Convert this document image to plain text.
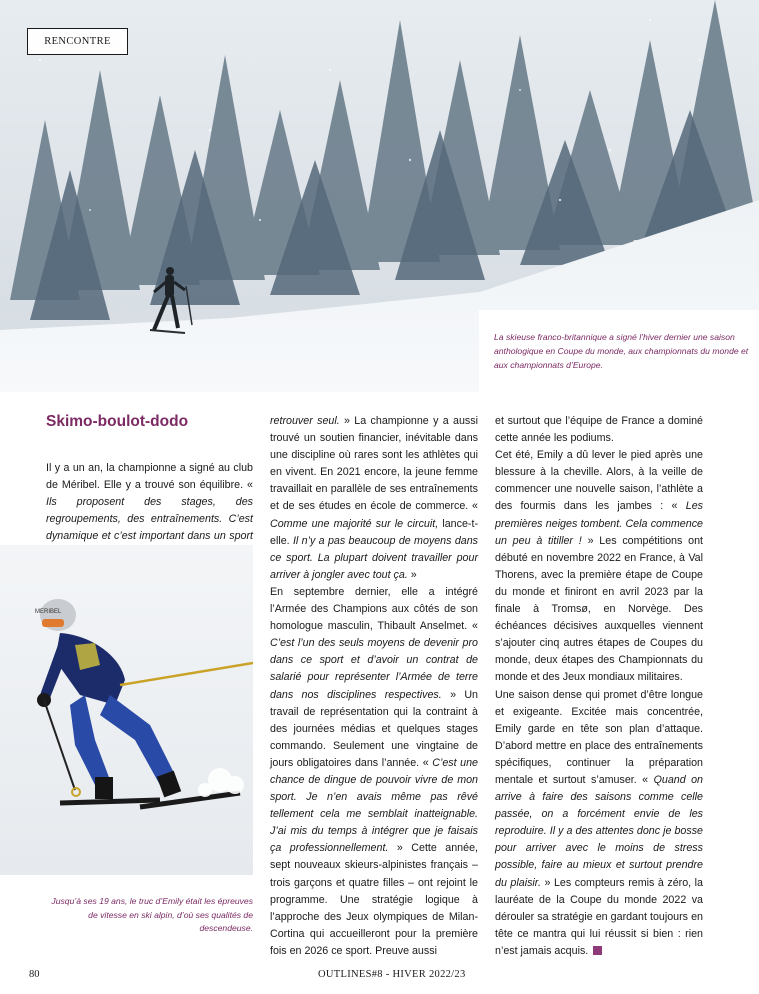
RENCONTRE
La skieuse franco-britannique a signé l’hiver dernier une saison anthologique en Coupe du monde, aux championnats du monde et aux championnats d’Europe.
Skimo-boulot-dodo

Il y a un an, la championne a signé au club de Méribel. Elle y a trouvé son équilibre. « Ils proposent des stages, des regroupements, des entraînements. C’est dynamique et c’est important dans un sport

retrouver seul. » La championne y a aussi trouvé un soutien financier, inévitable dans une discipline où rares sont les athlètes qui en vivent. En 2021 encore, la jeune femme travaillait en parallèle de ses entraînements et de ses études en école de commerce. « Comme une majorité sur le circuit, lance-t-elle. Il n’y a pas beaucoup de moyens dans ce sport. La plupart doivent travailler pour arriver à jongler avec tout ça. »

En septembre dernier, elle a intégré l’Armée des Champions aux côtés de son homologue masculin, Thibault Anselmet. « C’est l’un des seuls moyens de devenir pro dans ce sport et d’avoir un contrat de salarié pour représenter l’Armée de terre dans nos disciplines respectives. » Un travail de représentation qui la contraint à des journées médias et quelques stages commando. Seulement une vingtaine de jours obligatoires dans l’année. « C’est une chance de dingue de pouvoir vivre de mon sport. Je n’en avais même pas rêvé tellement cela me semblait inatteignable. J’ai mis du temps à intégrer que je faisais ça professionnellement. » Cette année, sept nouveaux skieurs-alpinistes français – trois garçons et quatre filles – ont rejoint le programme. Une stratégie logique à l’approche des Jeux olympiques de Milan-Cortina qui accueilleront pour la première fois en 2026 ce sport. Preuve aussi

et surtout que l’équipe de France a dominé cette année les podiums.

Cet été, Emily a dû lever le pied après une blessure à la cheville. Alors, à la veille de commencer une nouvelle saison, l’athlète a des fourmis dans les jambes : « Les premières neiges tombent. Cela commence un peu à titiller ! » Les compétitions ont débuté en novembre 2022 en France, à Val Thorens, avec la première étape de Coupe du monde et finiront en avril 2023 par la finale à Tromsø, en Norvège. Des échéances décisives auxquelles viennent s’ajouter cinq autres étapes de Coupes du monde, deux étapes des Championnats du monde et des Jeux mondiaux militaires.

Une saison dense qui promet d’être longue et exigeante. Excitée mais concentrée, Emily garde en tête son plan d’attaque. D’abord mettre en place des entraînements spécifiques, continuer la préparation mentale et surtout s’amuser. « Quand on arrive à faire des saisons comme celle passée, on a forcément envie de les reproduire. Il y a des attentes donc je bosse pour arriver avec le moins de stress possible, faire au mieux et surtout prendre du plaisir. » Les compteurs remis à zéro, la lauréate de la Coupe du monde 2022 va dérouler sa stratégie en gardant toujours en tête ce mantra qui lui réussit si bien : rien n’est jamais acquis.

MERIBEL
Jusqu’à ses 19 ans, le truc d’Emily était les épreuves de vitesse en ski alpin, d’où ses qualités de descendeuse.
80	OUTLINES#8 - HIVER 2022/23
